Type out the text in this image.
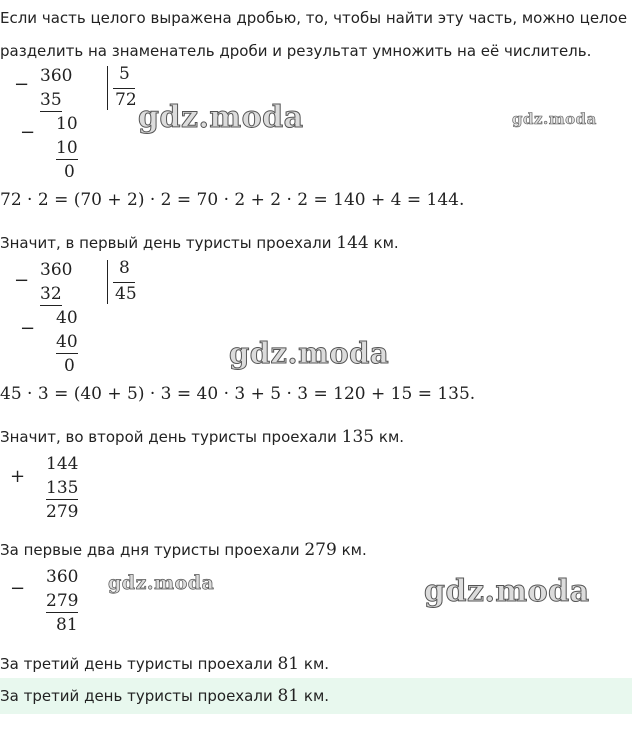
Если часть целого выражена дробью, то, чтобы найти эту часть, можно целое
разделить на знаменатель дроби и результат умножить на её числитель.
− 360
35
− 10
10
0
5
72 gdz.moda	gdz.moda
72 · 2 = (70 + 2) · 2 = 70 · 2 + 2 · 2 = 140 + 4 = 144.
Значит, в первый день туристы проехали 144 км.
− 360
32
− 40
40
0
8
45
gdz.moda
45 · 3 = (40 + 5) · 3 = 40 · 3 + 5 · 3 = 120 + 15 = 135.
Значит, во второй день туристы проехали 135 км.
+
144
135
279
За первые два дня туристы проехали 279 км.
−
360
279
81
gdz.moda	gdz.moda
За третий день туристы проехали 81 км.
За третий день туристы проехали 81 км.
